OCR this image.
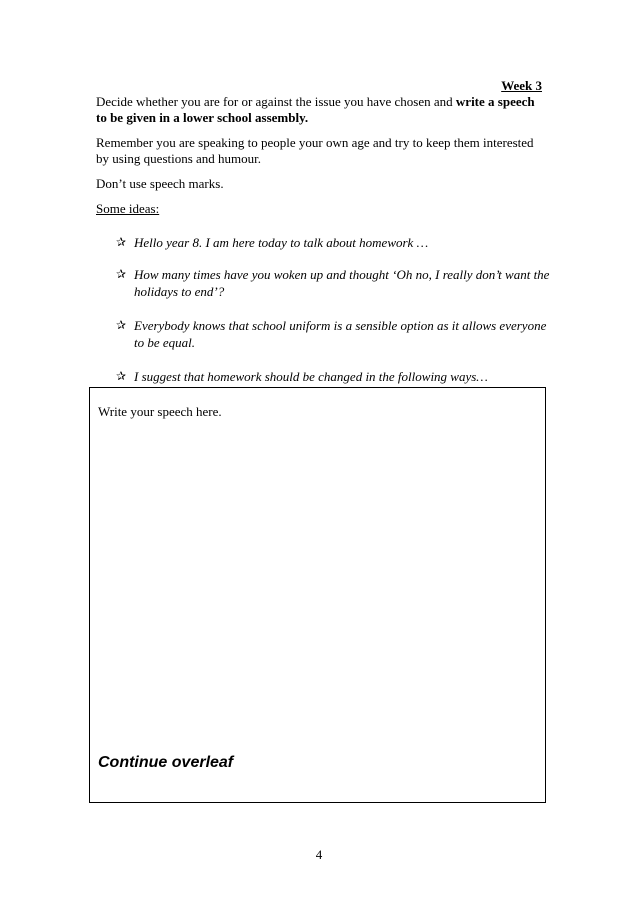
Week 3
Decide whether you are for or against the issue you have chosen and write a speech to be given in a lower school assembly.
Remember you are speaking to people your own age and try to keep them interested by using questions and humour.
Don’t use speech marks.
Some ideas:
✰ Hello year 8. I am here today to talk about homework …
✰ How many times have you woken up and thought ‘Oh no, I really don’t want the holidays to end’?
✰ Everybody knows that school uniform is a sensible option as it allows everyone to be equal.
✰ I suggest that homework should be changed in the following ways…
Write your speech here.
Continue overleaf
4
